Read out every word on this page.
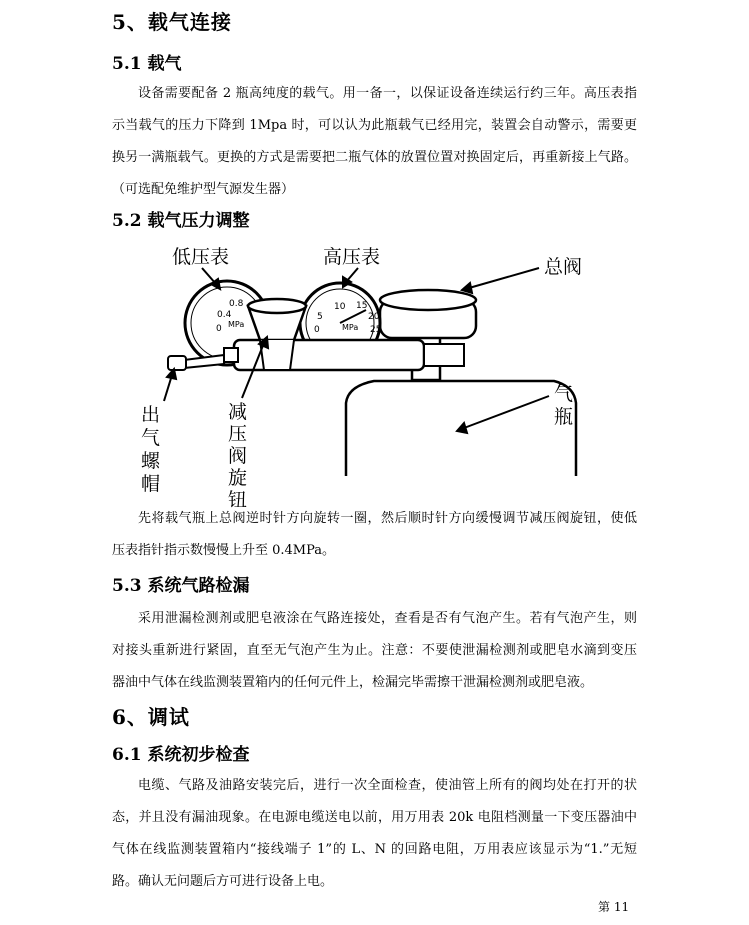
5、载气连接
5.1 载气

设备需要配备 2 瓶高纯度的载气。用一备一，以保证设备连续运行约三年。高压表指

示当载气的压力下降到 1Mpa 时，可以认为此瓶载气已经用完，装置会自动警示，需要更

换另一满瓶载气。更换的方式是需要把二瓶气体的放置位置对换固定后，再重新接上气路。

（可选配免维护型气源发生器）

5.2 载气压力调整
10 15
5	20
MPa
0	25
0.8
0.4
0 MPa
低压表	高压表	总阀
气
瓶
出
气
螺
帽
减
压
阀
旋
钮

先将载气瓶上总阀逆时针方向旋转一圈，然后顺时针方向缓慢调节减压阀旋钮，使低

压表指针指示数慢慢上升至 0.4MPa。

5.3 系统气路检漏

采用泄漏检测剂或肥皂液涂在气路连接处，查看是否有气泡产生。若有气泡产生，则

对接头重新进行紧固，直至无气泡产生为止。注意：不要使泄漏检测剂或肥皂水滴到变压

器油中气体在线监测装置箱内的任何元件上，检漏完毕需擦干泄漏检测剂或肥皂液。

6、调试
6.1 系统初步检查

电缆、气路及油路安装完后，进行一次全面检查，使油管上所有的阀均处在打开的状

态，并且没有漏油现象。在电源电缆送电以前，用万用表 20k 电阻档测量一下变压器油中

气体在线监测装置箱内“接线端子 1”的 L、N 的回路电阻，万用表应该显示为“1.”无短

路。确认无问题后方可进行设备上电。

第 11
